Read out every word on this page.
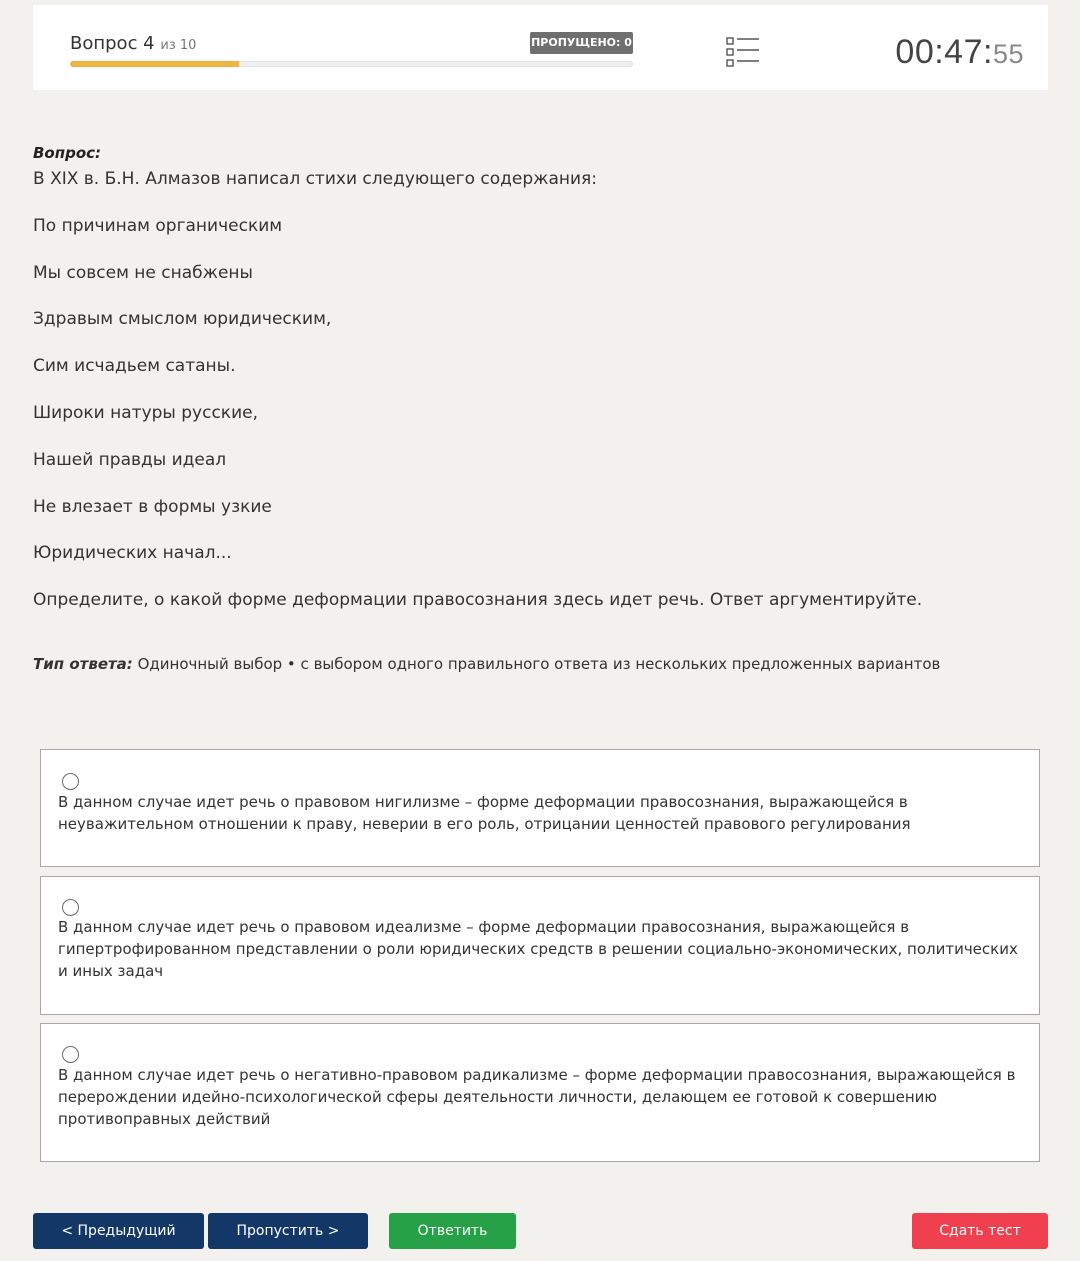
Вопрос 4 из 10	ПРОПУЩЕНО: 0	00:47:55
Вопрос:
В XIX в. Б.Н. Алмазов написал стихи следующего содержания:
По причинам органическим
Мы совсем не снабжены
Здравым смыслом юридическим,
Сим исчадьем сатаны.
Широки натуры русские,
Нашей правды идеал
Не влезает в формы узкие
Юридических начал...
Определите, о какой форме деформации правосознания здесь идет речь. Ответ аргументируйте.
Тип ответа: Одиночный выбор • с выбором одного правильного ответа из нескольких предложенных вариантов
В данном случае идет речь о правовом нигилизме – форме деформации правосознания, выражающейся в неуважительном отношении к праву, неверии в его роль, отрицании ценностей правового регулирования
В данном случае идет речь о правовом идеализме – форме деформации правосознания, выражающейся в гипертрофированном представлении о роли юридических средств в решении социально-экономических, политических и иных задач
В данном случае идет речь о негативно-правовом радикализме – форме деформации правосознания, выражающейся в перерождении идейно-психологической сферы деятельности личности, делающем ее готовой к совершению противоправных действий
< Предыдущий	Пропустить >	Ответить	Сдать тест
